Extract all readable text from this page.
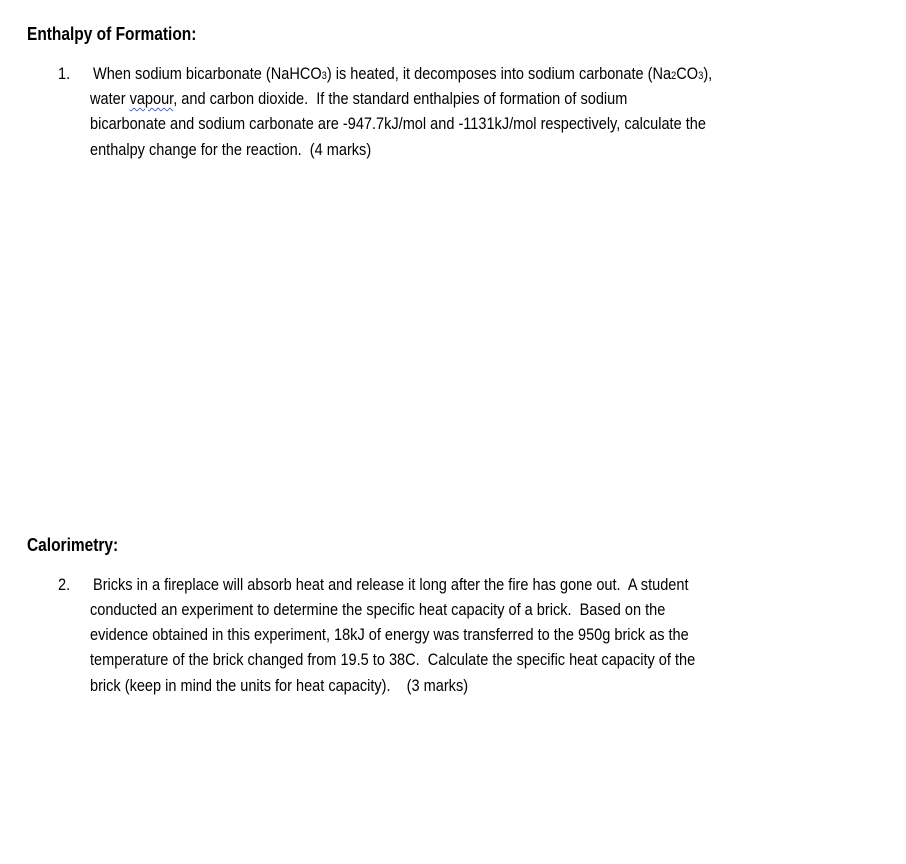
Enthalpy of Formation:
1. When sodium bicarbonate (NaHCO3) is heated, it decomposes into sodium carbonate (Na2CO3),
water vapour, and carbon dioxide.  If the standard enthalpies of formation of sodium
bicarbonate and sodium carbonate are -947.7kJ/mol and -1131kJ/mol respectively, calculate the
enthalpy change for the reaction.  (4 marks)
Calorimetry:
2. Bricks in a fireplace will absorb heat and release it long after the fire has gone out.  A student
conducted an experiment to determine the specific heat capacity of a brick.  Based on the
evidence obtained in this experiment, 18kJ of energy was transferred to the 950g brick as the
temperature of the brick changed from 19.5 to 38C.  Calculate the specific heat capacity of the
brick (keep in mind the units for heat capacity).    (3 marks)
